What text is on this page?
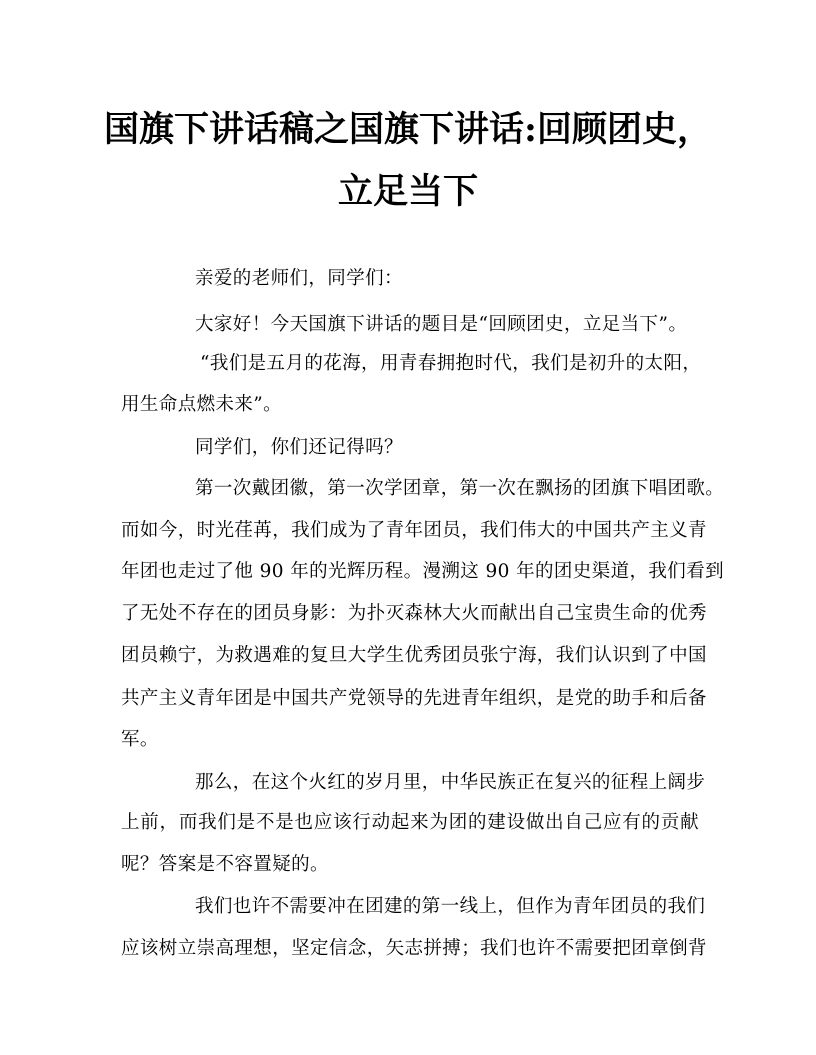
国旗下讲话稿之国旗下讲话:回顾团史，
立足当下
亲爱的老师们，同学们：
大家好！今天国旗下讲话的题目是“回顾团史，立足当下”。
“我们是五月的花海，用青春拥抱时代，我们是初升的太阳，
用生命点燃未来”。
同学们，你们还记得吗？
第一次戴团徽，第一次学团章，第一次在飘扬的团旗下唱团歌。
而如今，时光荏苒，我们成为了青年团员，我们伟大的中国共产主义青
年团也走过了他 90 年的光辉历程。漫溯这 90 年的团史渠道，我们看到
了无处不存在的团员身影：为扑灭森林大火而献出自己宝贵生命的优秀
团员赖宁，为救遇难的复旦大学生优秀团员张宁海，我们认识到了中国
共产主义青年团是中国共产党领导的先进青年组织，是党的助手和后备
军。
那么，在这个火红的岁月里，中华民族正在复兴的征程上阔步
上前，而我们是不是也应该行动起来为团的建设做出自己应有的贡献
呢？答案是不容置疑的。
我们也许不需要冲在团建的第一线上，但作为青年团员的我们
应该树立崇高理想，坚定信念，矢志拼搏；我们也许不需要把团章倒背
